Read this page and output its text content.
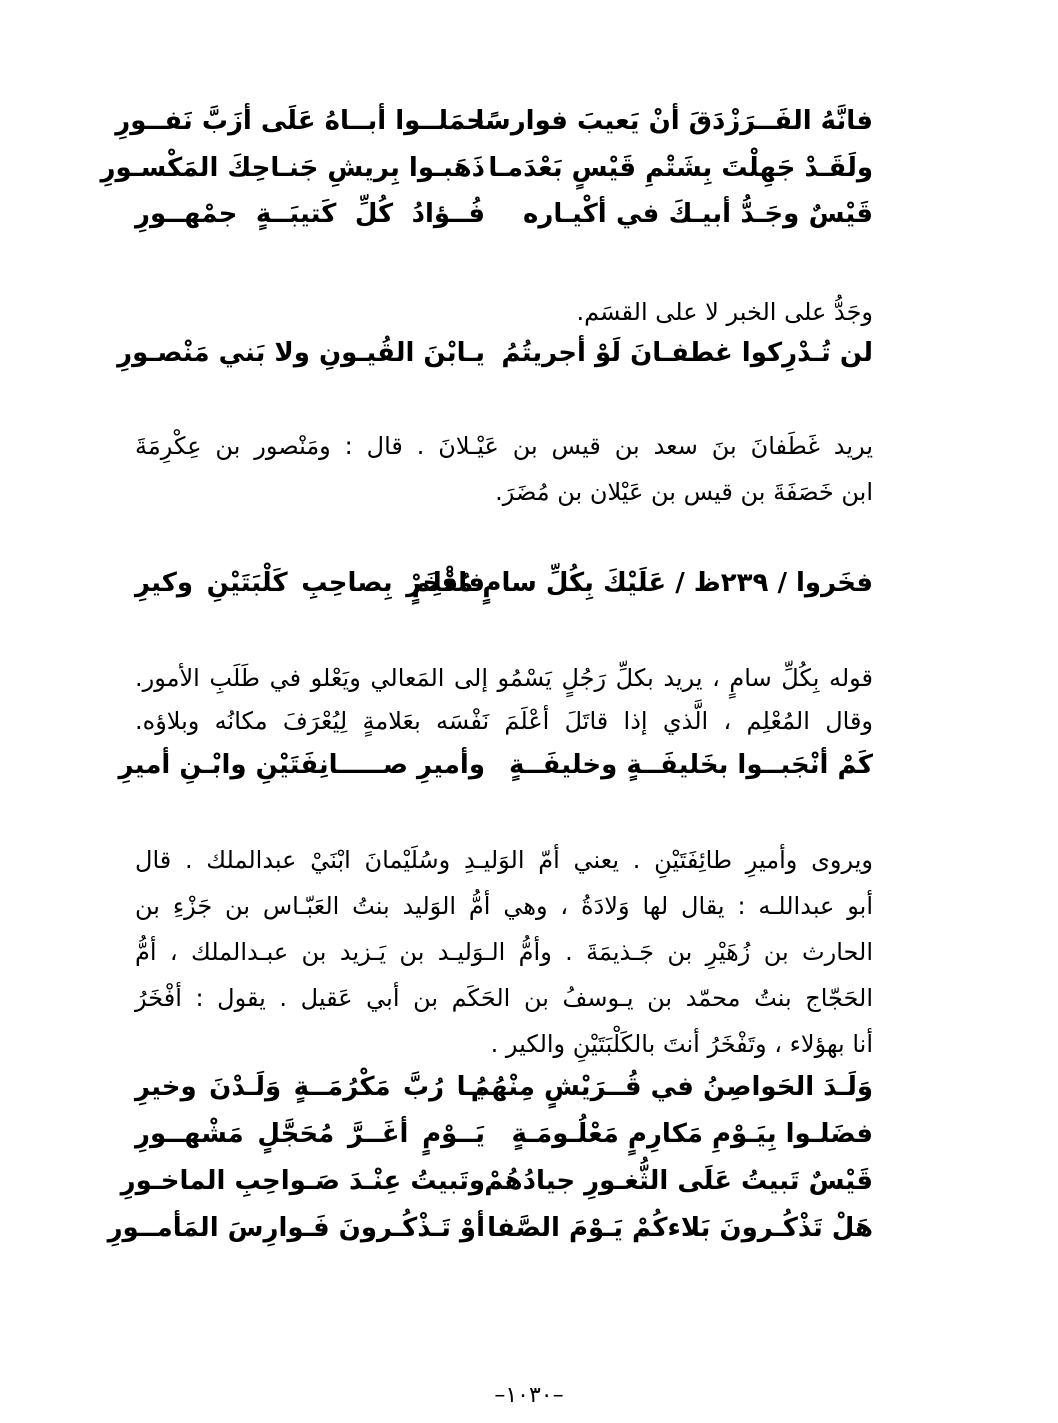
فانَّهُ الفَــرَزْدَقَ أنْ يَعيبَ فوارسًا
حمَلــوا أبــاهُ عَلَى أزَبَّ نَفــورِ
ولَقَـدْ جَهِلْتَ بِشَتْمِ قَيْسٍ بَعْدَمـا
ذَهَبـوا بِريشِ جَنـاحِكَ المَكْسـورِ
قَيْسٌ وجَـدُّ أبيـكَ في أكْيـاره
فُــؤادُ كُلِّ كَتيبَــةٍ جمْهــورِ
وجَدُّ على الخبر لا على القسَم.
لن تُـدْرِكوا غطفـانَ لَوْ أجريتُمُ
يـابْنَ القُيـونِ ولا بَني مَنْصـورِ
يريد غَطَفانَ بنَ سعد بن قيس بن عَيْـلانَ . قال : ومَنْصور بن عِكْرِمَةَ
ابن خَصَفَةَ بن قيس بن عَيْلان بن مُضَرَ.
فخَروا / ٢٣٩ظ / عَلَيْكَ بِكُلِّ سامٍ مُعْلِمٍ
فافْخَرْ بِصاحِبِ كَلْبَتَيْنِ وكيرِ
قوله بِكُلِّ سامٍ ، يريد بكلِّ رَجُلٍ يَسْمُو إلى المَعالي ويَعْلو في طَلَبِ الأمور.
وقال المُعْلِم ، الَّذي إذا قاتَلَ أعْلَمَ نَفْسَه بعَلامةٍ لِيُعْرَفَ مكانُه وبلاؤه.
كَمْ أنْجَبــوا بخَليفَــةٍ وخليفَــةٍ
وأميرِ صـــــانِفَتَيْنِ وابْـنِ أميرِ
ويروى وأميرِ طائِفَتَيْنِ . يعني أمّ الوَليـدِ وسُلَيْمانَ ابْنَيْ عبدالملك . قال
أبو عبداللـه : يقال لها وَلادَةُ ، وهي أمُّ الوَليد بنتُ العَبّـاس بن جَزْءِ بن
الحارث بن زُهَيْرِ بن جَـذيمَةَ . وأمُّ الـوَليـد بن يَـزيد بن عبـدالملك ، أمُّ
الحَجّاج بنتُ محمّد بن يـوسفُ بن الحَكَم بن أبي عَقيل . يقول : أفْخَرُ
أنا بهؤلاء ، وتَفْخَرُ أنتَ بالكَلْبَتَيْنِ والكير .
وَلَـدَ الحَواصِنُ في قُــرَيْشٍ مِنْهُمُ
يـا رُبَّ مَكْرُمَــةٍ وَلَـدْنَ وخيرِ
فضَلـوا بِيَـوْمِ مَكارِمٍ مَعْلُـومَـةٍ
يَــوْمٍ أغَــرَّ مُحَجَّلٍ مَشْهــورِ
قَيْسٌ تَبيتُ عَلَى الثُّغـورِ جيادُهُمْ
وتَبيتُ عِنْـدَ صَـواحِبِ الماخـورِ
هَلْ تَذْكُـرونَ بَلاءكُمْ يَـوْمَ الصَّفا
أوْ تَـذْكُـرونَ فَـوارِسَ المَأمــورِ
–١٠٣٠–
